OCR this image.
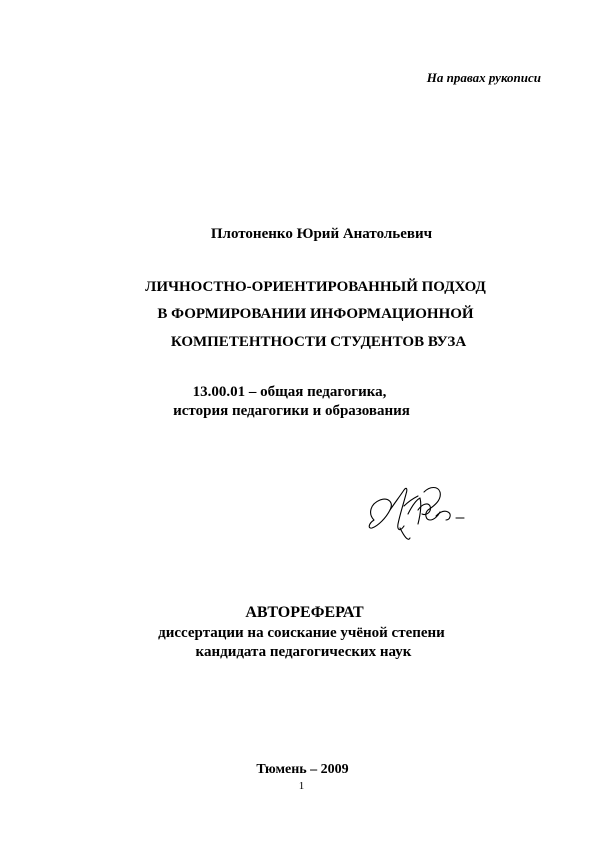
На правах рукописи
Плотоненко Юрий Анатольевич
ЛИЧНОСТНО-ОРИЕНТИРОВАННЫЙ ПОДХОД
В ФОРМИРОВАНИИ ИНФОРМАЦИОННОЙ
КОМПЕТЕНТНОСТИ СТУДЕНТОВ ВУЗА
13.00.01 – общая педагогика,
история педагогики и образования
АВТОРЕФЕРАТ
диссертации на соискание учёной степени
кандидата педагогических наук
Тюмень – 2009
1
